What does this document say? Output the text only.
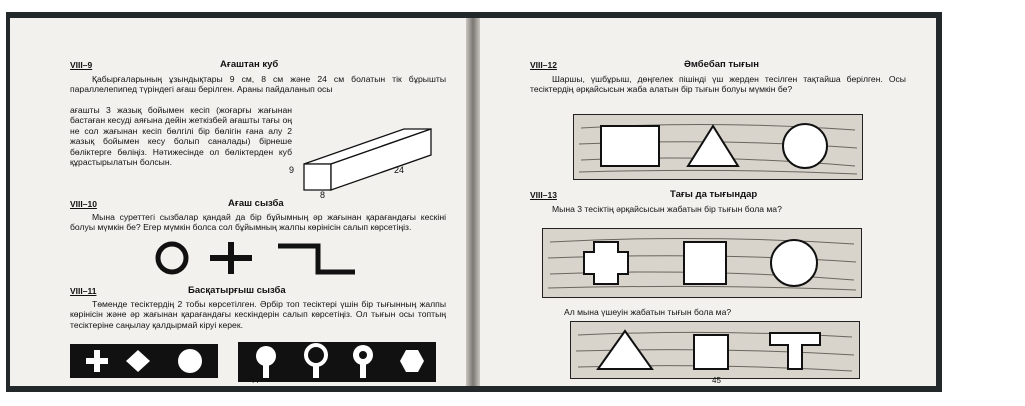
VIII–9	Ағаштан куб

Қабырғаларының ұзындықтары 9 см, 8 см және 24 см болатын тік бұрышты параллелепипед түріндегі ағаш берілген. Араны пайдаланып осы

ағашты 3 жазық бойымен кесіп (жоғарғы жағынан бастаған кесуді аяғына дейін жеткізбей ағашты тағы оң не сол жағынан кесіп бөлгілі бір бөлігін ғана алу 2 жазық бойымен кесу болып саналады) бірнеше бөліктерге бөліңіз. Нәтижесінде ол бөліктерден куб құрастырылатын болсын.

9
8
24
VIII–10	Ағаш сызба

Мына суреттегі сызбалар қандай да бір бұйымның әр жағынан қарағандағы кескіні болуы мүмкін бе? Егер мүмкін болса сол бұйымның жалпы көрінісін салып көрсетіңіз.

VIII–11	Басқатырғыш сызба

Төменде тесіктердің 2 тобы көрсетілген. Әрбір топ тесіктері үшін бір тығынның жалпы көрінісін және әр жағынан қарағандағы кескіндерін салып көрсетіңіз. Ол тығын осы топтың тесіктеріне саңылау қалдырмай кіруі керек.

44
VIII–12	Әмбебап тығын

Шаршы, үшбұрыш, дөңгелек пішінді үш жерден тесілген тақтайша берілген. Осы тесіктердің әрқайсысын жаба алатын бір тығын болуы мүмкін бе?

VIII–13	Тағы да тығындар

Мына 3 тесіктің әрқайсысын жабатын бір тығын бола ма?

Ал мына үшеуін жабатын тығын бола ма?

45
